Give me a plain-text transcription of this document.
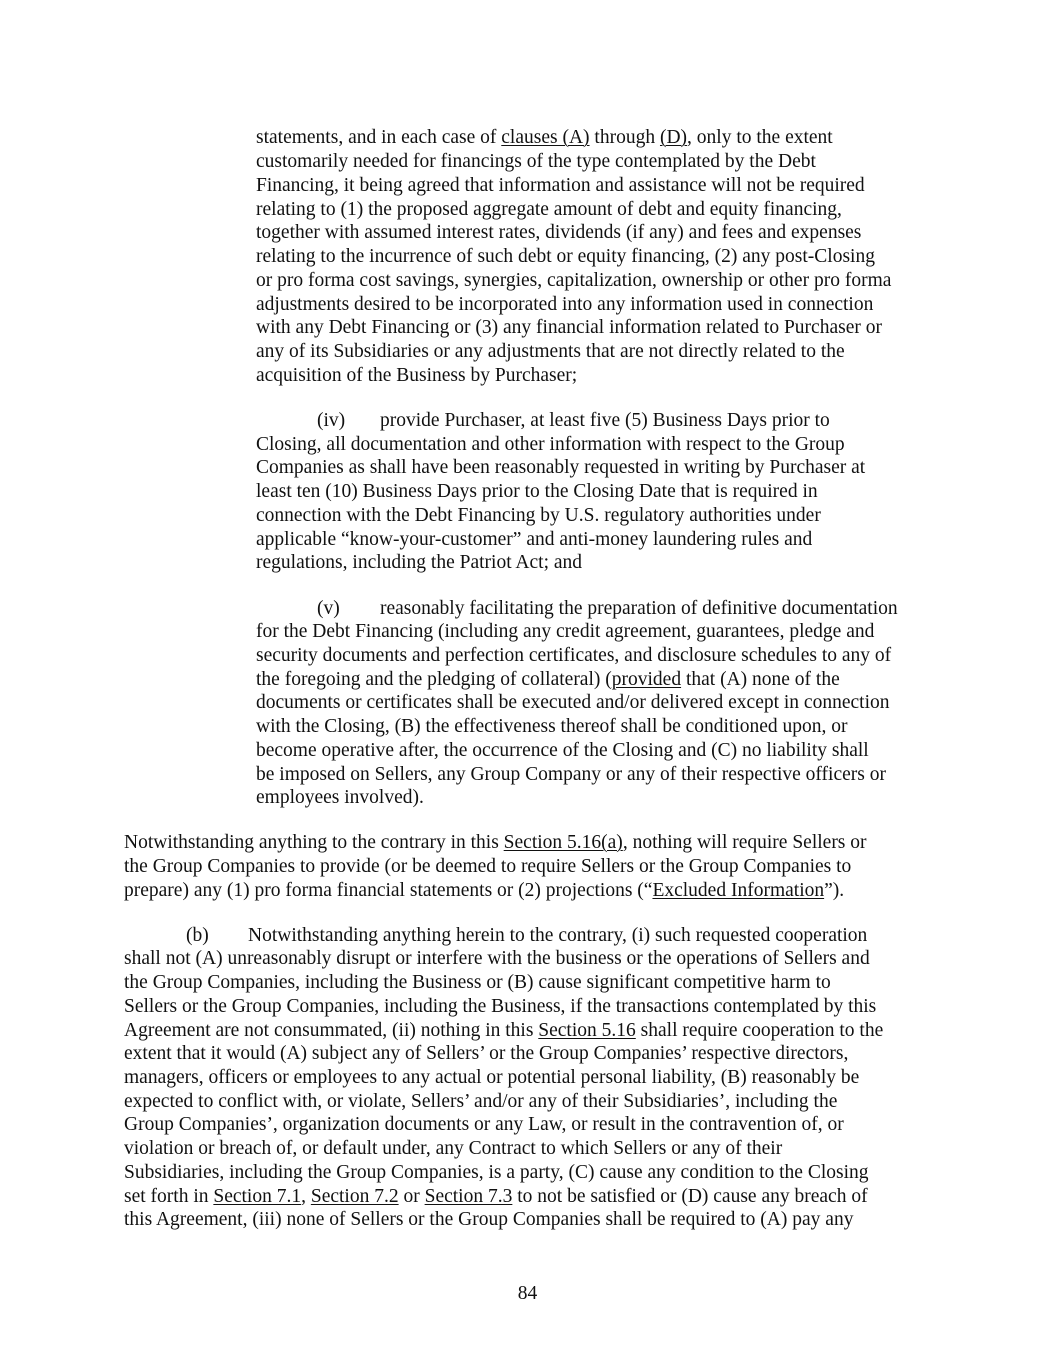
statements, and in each case of clauses (A) through (D), only to the extent
customarily needed for financings of the type contemplated by the Debt
Financing, it being agreed that information and assistance will not be required
relating to (1) the proposed aggregate amount of debt and equity financing,
together with assumed interest rates, dividends (if any) and fees and expenses
relating to the incurrence of such debt or equity financing, (2) any post-Closing
or pro forma cost savings, synergies, capitalization, ownership or other pro forma
adjustments desired to be incorporated into any information used in connection
with any Debt Financing or (3) any financial information related to Purchaser or
any of its Subsidiaries or any adjustments that are not directly related to the
acquisition of the Business by Purchaser;
(iv) provide Purchaser, at least five (5) Business Days prior to
Closing, all documentation and other information with respect to the Group
Companies as shall have been reasonably requested in writing by Purchaser at
least ten (10) Business Days prior to the Closing Date that is required in
connection with the Debt Financing by U.S. regulatory authorities under
applicable “know-your-customer” and anti-money laundering rules and
regulations, including the Patriot Act; and
(v) reasonably facilitating the preparation of definitive documentation
for the Debt Financing (including any credit agreement, guarantees, pledge and
security documents and perfection certificates, and disclosure schedules to any of
the foregoing and the pledging of collateral) (provided that (A) none of the
documents or certificates shall be executed and/or delivered except in connection
with the Closing, (B) the effectiveness thereof shall be conditioned upon, or
become operative after, the occurrence of the Closing and (C) no liability shall
be imposed on Sellers, any Group Company or any of their respective officers or
employees involved).
Notwithstanding anything to the contrary in this Section 5.16(a), nothing will require Sellers or
the Group Companies to provide (or be deemed to require Sellers or the Group Companies to
prepare) any (1) pro forma financial statements or (2) projections (“Excluded Information”).
(b) Notwithstanding anything herein to the contrary, (i) such requested cooperation
shall not (A) unreasonably disrupt or interfere with the business or the operations of Sellers and
the Group Companies, including the Business or (B) cause significant competitive harm to
Sellers or the Group Companies, including the Business, if the transactions contemplated by this
Agreement are not consummated, (ii) nothing in this Section 5.16 shall require cooperation to the
extent that it would (A) subject any of Sellers’ or the Group Companies’ respective directors,
managers, officers or employees to any actual or potential personal liability, (B) reasonably be
expected to conflict with, or violate, Sellers’ and/or any of their Subsidiaries’, including the
Group Companies’, organization documents or any Law, or result in the contravention of, or
violation or breach of, or default under, any Contract to which Sellers or any of their
Subsidiaries, including the Group Companies, is a party, (C) cause any condition to the Closing
set forth in Section 7.1, Section 7.2 or Section 7.3 to not be satisfied or (D) cause any breach of
this Agreement, (iii) none of Sellers or the Group Companies shall be required to (A) pay any
84
